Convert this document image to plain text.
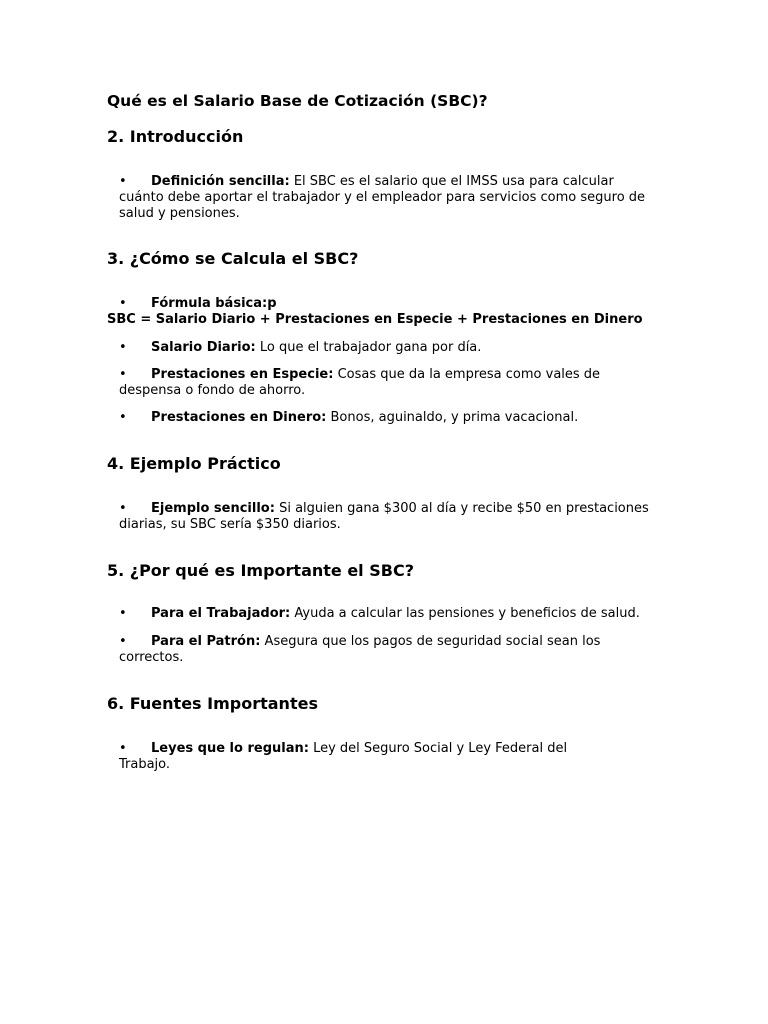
Qué es el Salario Base de Cotización (SBC)?
2. Introducción
• Definición sencilla: El SBC es el salario que el IMSS usa para calcular cuánto debe aportar el trabajador y el empleador para servicios como seguro de salud y pensiones.
3. ¿Cómo se Calcula el SBC?
• Fórmula básica:p
SBC = Salario Diario + Prestaciones en Especie + Prestaciones en Dinero
• Salario Diario: Lo que el trabajador gana por día.
• Prestaciones en Especie: Cosas que da la empresa como vales de despensa o fondo de ahorro.
• Prestaciones en Dinero: Bonos, aguinaldo, y prima vacacional.
4. Ejemplo Práctico
• Ejemplo sencillo: Si alguien gana $300 al día y recibe $50 en prestaciones diarias, su SBC sería $350 diarios.
5. ¿Por qué es Importante el SBC?
• Para el Trabajador: Ayuda a calcular las pensiones y beneficios de salud.
• Para el Patrón: Asegura que los pagos de seguridad social sean los correctos.
6. Fuentes Importantes
• Leyes que lo regulan: Ley del Seguro Social y Ley Federal del Trabajo.
